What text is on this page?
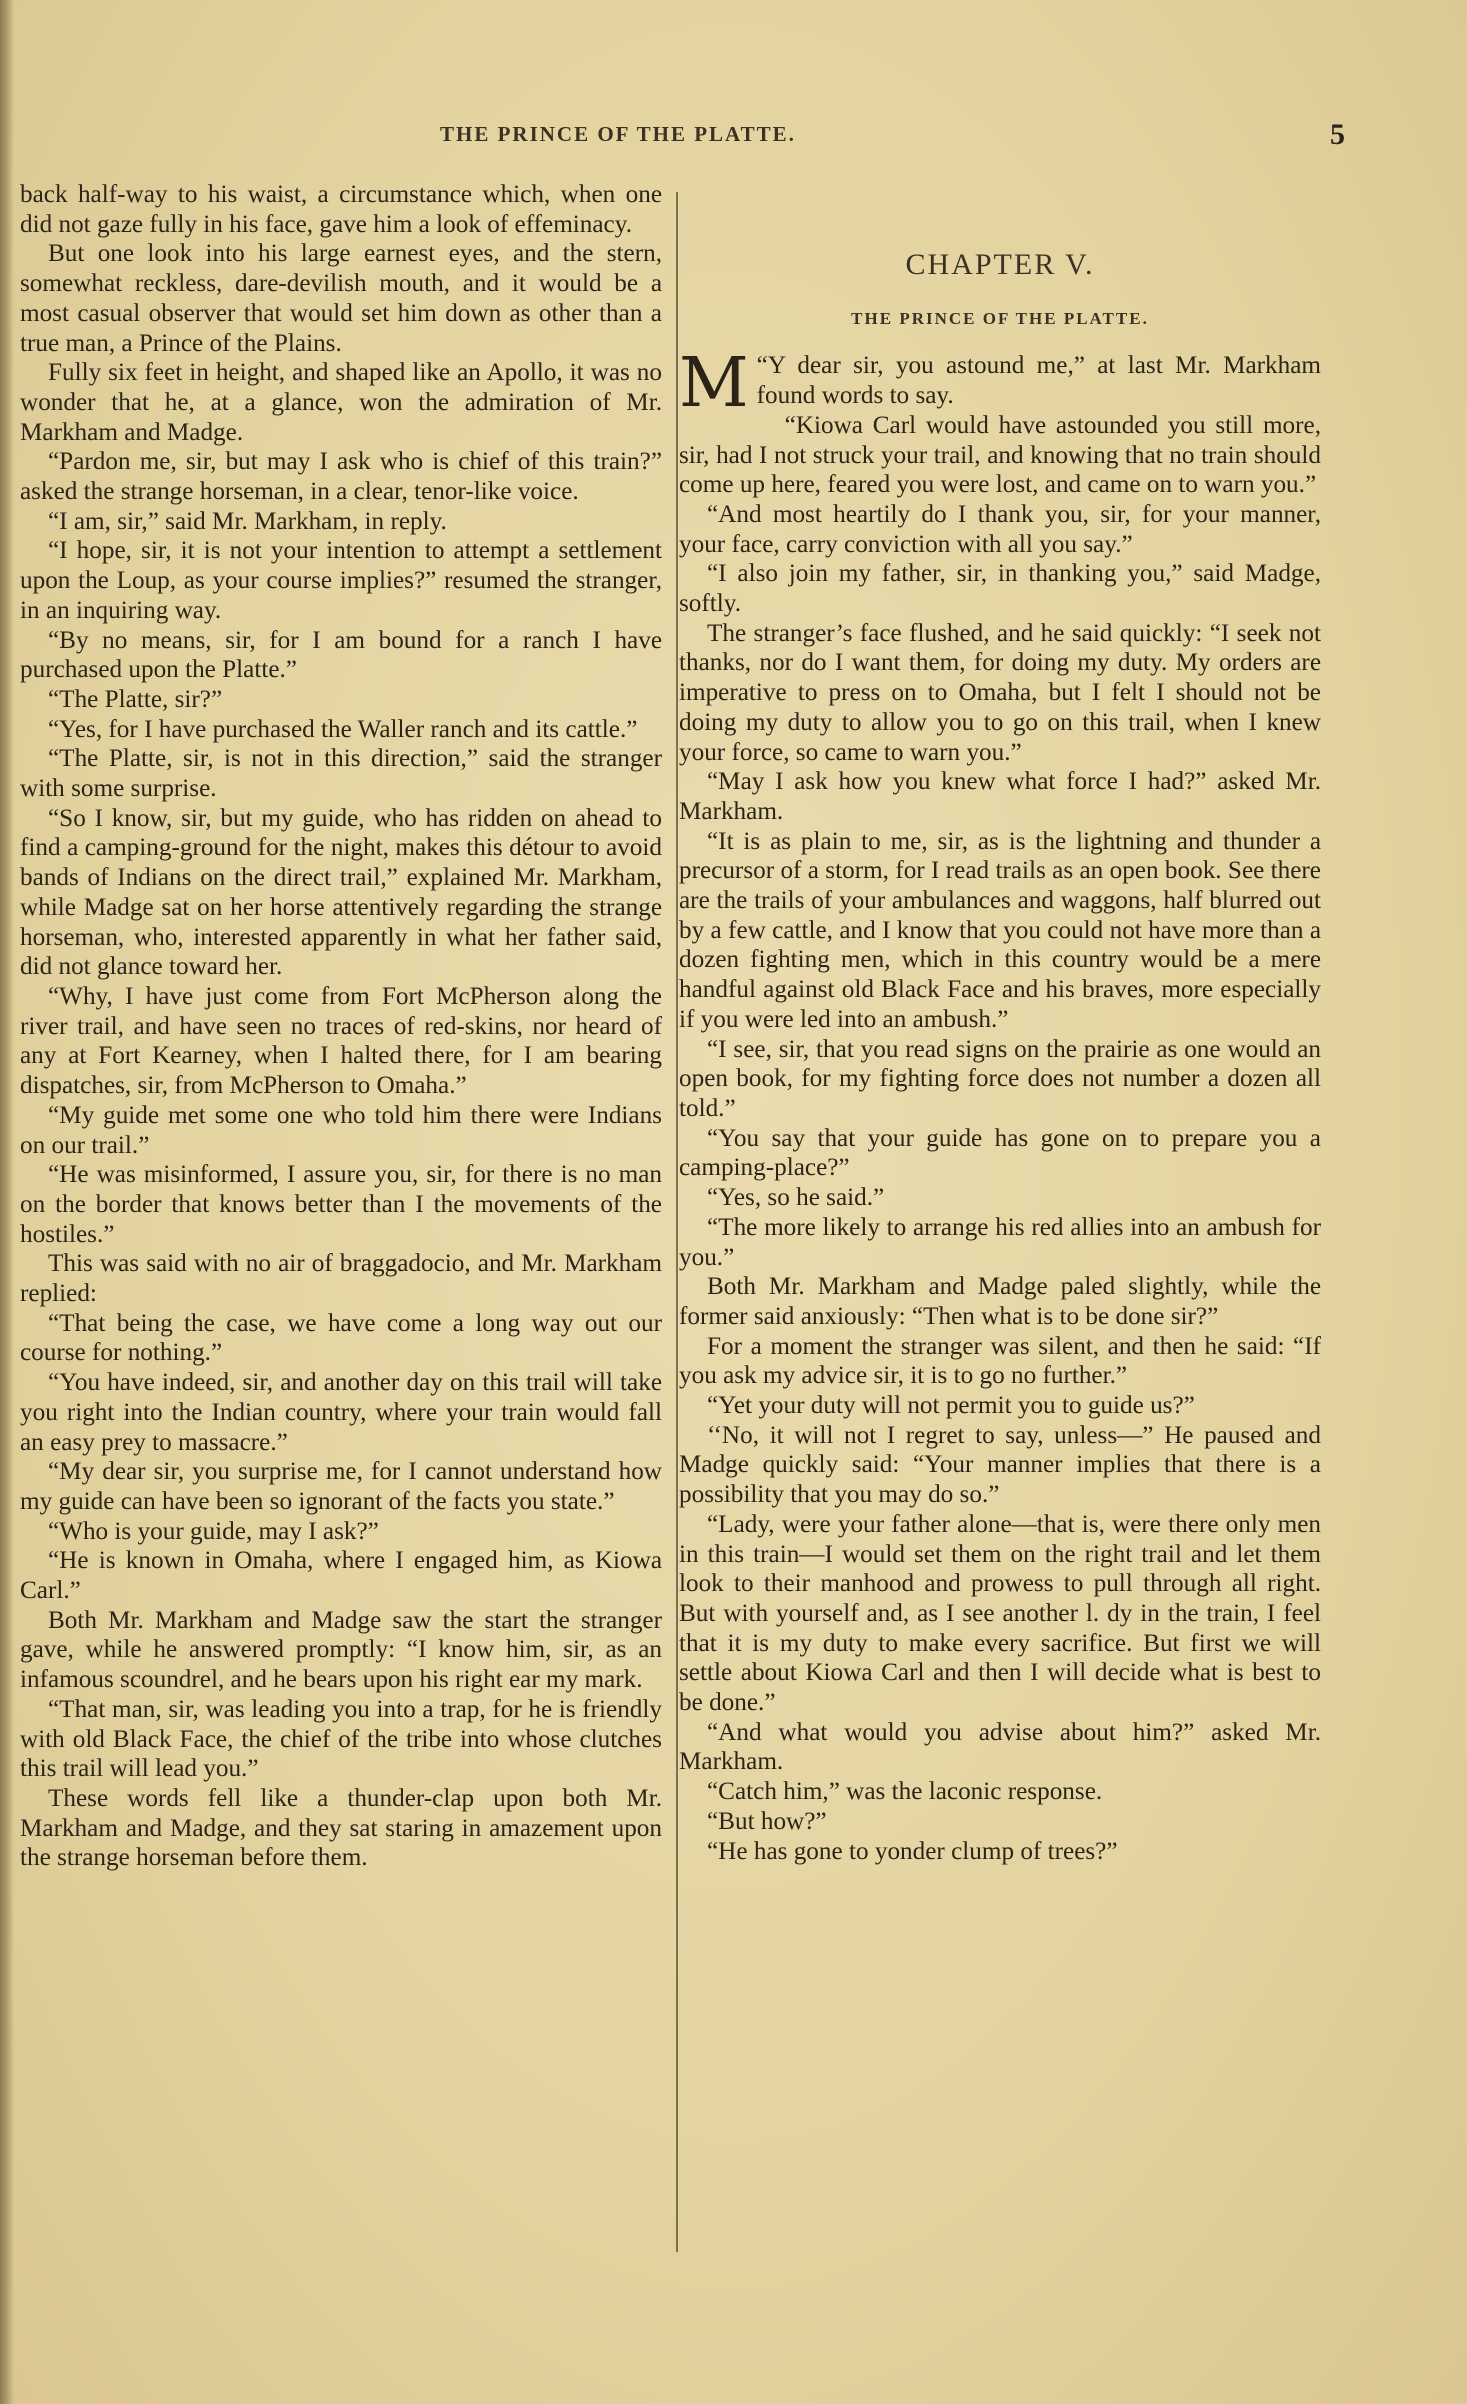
THE PRINCE OF THE PLATTE.	5

back half-way to his waist, a circumstance which, when one did not gaze fully in his face, gave him a look of effeminacy.

But one look into his large earnest eyes, and the stern, somewhat reckless, dare-devilish mouth, and it would be a most casual observer that would set him down as other than a true man, a Prince of the Plains.

Fully six feet in height, and shaped like an Apollo, it was no wonder that he, at a glance, won the admiration of Mr. Markham and Madge.

“Pardon me, sir, but may I ask who is chief of this train?” asked the strange horseman, in a clear, tenor-like voice.

“I am, sir,” said Mr. Markham, in reply.

“I hope, sir, it is not your intention to attempt a settlement upon the Loup, as your course implies?” resumed the stranger, in an inquiring way.

“By no means, sir, for I am bound for a ranch I have purchased upon the Platte.”

“The Platte, sir?”

“Yes, for I have purchased the Waller ranch and its cattle.”

“The Platte, sir, is not in this direction,” said the stranger with some surprise.

“So I know, sir, but my guide, who has ridden on ahead to find a camping-ground for the night, makes this détour to avoid bands of Indians on the direct trail,” explained Mr. Markham, while Madge sat on her horse attentively regarding the strange horseman, who, interested apparently in what her father said, did not glance toward her.

“Why, I have just come from Fort McPherson along the river trail, and have seen no traces of red-skins, nor heard of any at Fort Kearney, when I halted there, for I am bearing dispatches, sir, from McPherson to Omaha.”

“My guide met some one who told him there were Indians on our trail.”

“He was misinformed, I assure you, sir, for there is no man on the border that knows better than I the movements of the hostiles.”

This was said with no air of braggadocio, and Mr. Markham replied:

“That being the case, we have come a long way out our course for nothing.”

“You have indeed, sir, and another day on this trail will take you right into the Indian country, where your train would fall an easy prey to massacre.”

“My dear sir, you surprise me, for I cannot understand how my guide can have been so ignorant of the facts you state.”

“Who is your guide, may I ask?”

“He is known in Omaha, where I engaged him, as Kiowa Carl.”

Both Mr. Markham and Madge saw the start the stranger gave, while he answered promptly: “I know him, sir, as an infamous scoundrel, and he bears upon his right ear my mark.

“That man, sir, was leading you into a trap, for he is friendly with old Black Face, the chief of the tribe into whose clutches this trail will lead you.”

These words fell like a thunder-clap upon both Mr. Markham and Madge, and they sat staring in amazement upon the strange horseman before them.

CHAPTER V.
THE PRINCE OF THE PLATTE.

“
M Y dear sir, you astound me,” at last Mr. Markham found words to say.

“Kiowa Carl would have astounded you still more, sir, had I not struck your trail, and knowing that no train should come up here, feared you were lost, and came on to warn you.”

“And most heartily do I thank you, sir, for your manner, your face, carry conviction with all you say.”

“I also join my father, sir, in thanking you,” said Madge, softly.

The stranger’s face flushed, and he said quickly: “I seek not thanks, nor do I want them, for doing my duty. My orders are imperative to press on to Omaha, but I felt I should not be doing my duty to allow you to go on this trail, when I knew your force, so came to warn you.”

“May I ask how you knew what force I had?” asked Mr. Markham.

“It is as plain to me, sir, as is the lightning and thunder a precursor of a storm, for I read trails as an open book. See there are the trails of your ambulances and waggons, half blurred out by a few cattle, and I know that you could not have more than a dozen fighting men, which in this country would be a mere handful against old Black Face and his braves, more especially if you were led into an ambush.”

“I see, sir, that you read signs on the prairie as one would an open book, for my fighting force does not number a dozen all told.”

“You say that your guide has gone on to prepare you a camping-place?”

“Yes, so he said.”

“The more likely to arrange his red allies into an ambush for you.”

Both Mr. Markham and Madge paled slightly, while the former said anxiously: “Then what is to be done sir?”

For a moment the stranger was silent, and then he said: “If you ask my advice sir, it is to go no further.”

“Yet your duty will not permit you to guide us?”

‘‘No, it will not I regret to say, unless—” He paused and Madge quickly said: “Your manner implies that there is a possibility that you may do so.”

“Lady, were your father alone—that is, were there only men in this train—I would set them on the right trail and let them look to their manhood and prowess to pull through all right. But with yourself and, as I see another l. dy in the train, I feel that it is my duty to make every sacrifice. But first we will settle about Kiowa Carl and then I will decide what is best to be done.”

“And what would you advise about him?” asked Mr. Markham.

“Catch him,” was the laconic response.

“But how?”

“He has gone to yonder clump of trees?”
